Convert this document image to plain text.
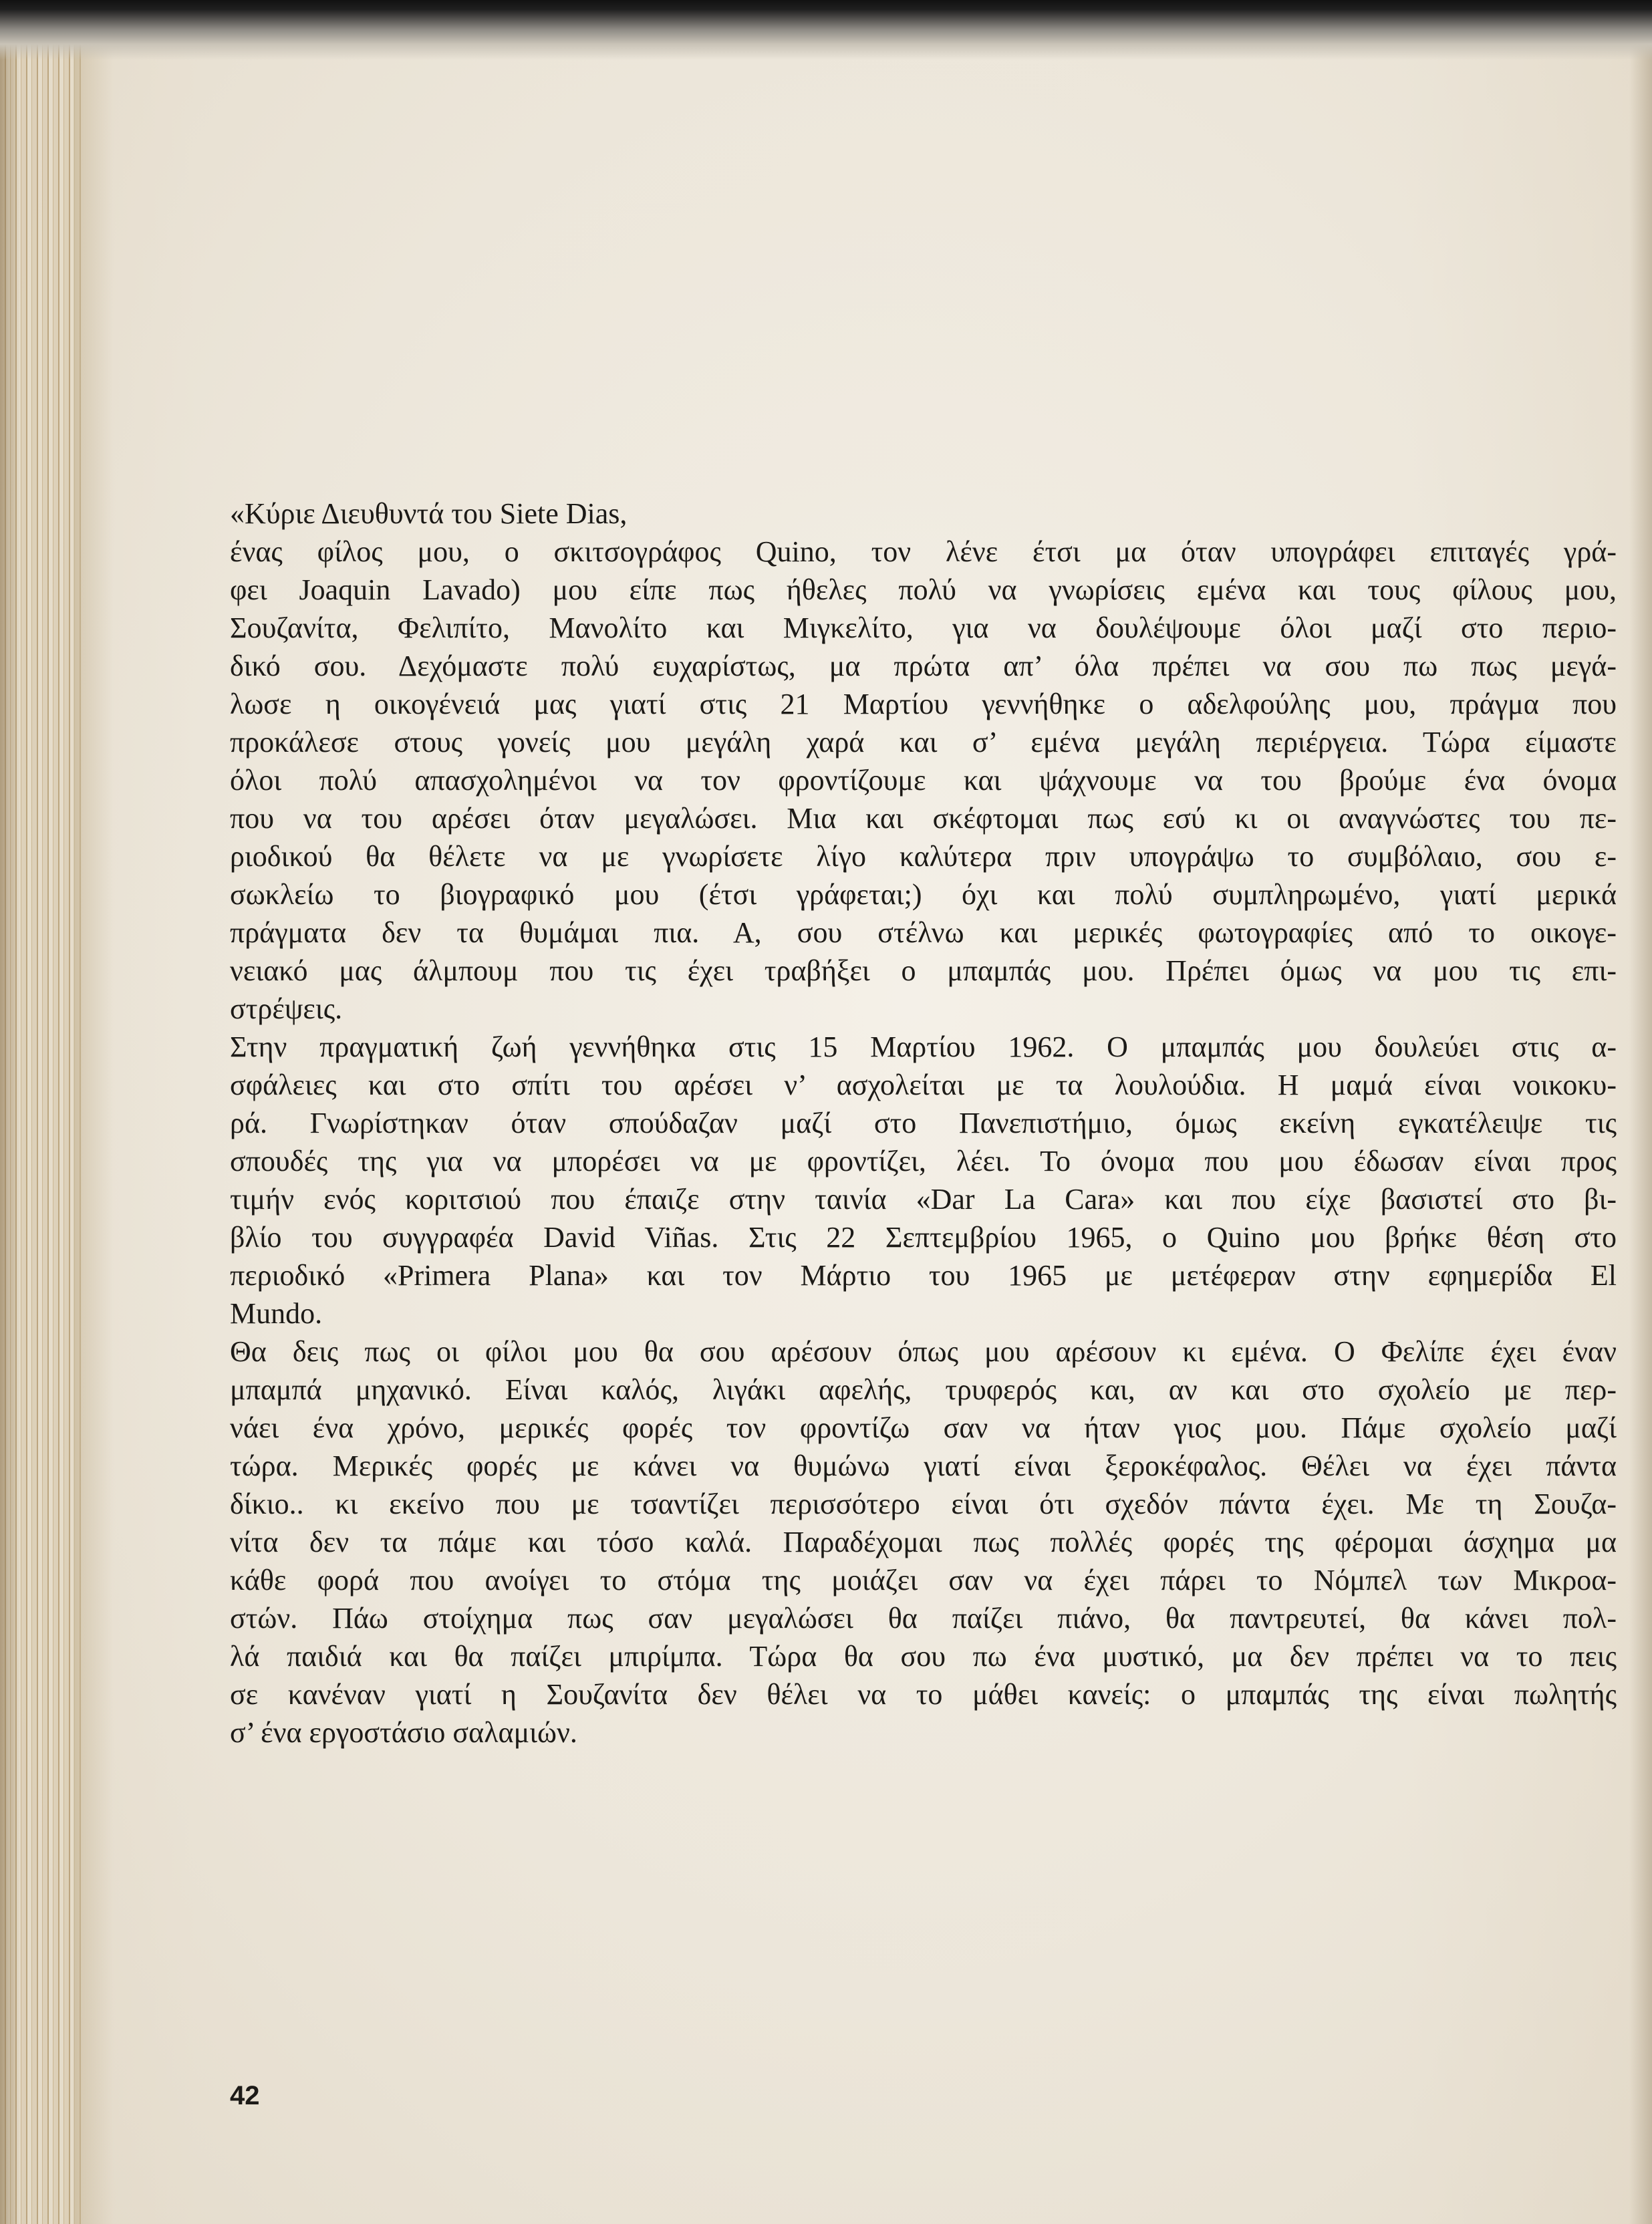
«Κύριε Διευθυντά του Siete Dias,
ένας φίλος μου, ο σκιτσογράφος Quino, τον λένε έτσι μα όταν υπογράφει επιταγές γρά-
φει Joaquin Lavado) μου είπε πως ήθελες πολύ να γνωρίσεις εμένα και τους φίλους μου,
Σουζανίτα, Φελιπίτο, Μανολίτο και Μιγκελίτο, για να δουλέψουμε όλοι μαζί στο περιο-
δικό σου. Δεχόμαστε πολύ ευχαρίστως, μα πρώτα απ’ όλα πρέπει να σου πω πως μεγά-
λωσε η οικογένειά μας γιατί στις 21 Μαρτίου γεννήθηκε ο αδελφούλης μου, πράγμα που
προκάλεσε στους γονείς μου μεγάλη χαρά και σ’ εμένα μεγάλη περιέργεια. Τώρα είμαστε
όλοι πολύ απασχολημένοι να τον φροντίζουμε και ψάχνουμε να του βρούμε ένα όνομα
που να του αρέσει όταν μεγαλώσει. Μια και σκέφτομαι πως εσύ κι οι αναγνώστες του πε-
ριοδικού θα θέλετε να με γνωρίσετε λίγο καλύτερα πριν υπογράψω το συμβόλαιο, σου ε-
σωκλείω το βιογραφικό μου (έτσι γράφεται;) όχι και πολύ συμπληρωμένο, γιατί μερικά
πράγματα δεν τα θυμάμαι πια. Α, σου στέλνω και μερικές φωτογραφίες από το οικογε-
νειακό μας άλμπουμ που τις έχει τραβήξει ο μπαμπάς μου. Πρέπει όμως να μου τις επι-
στρέψεις.
Στην πραγματική ζωή γεννήθηκα στις 15 Μαρτίου 1962. Ο μπαμπάς μου δουλεύει στις α-
σφάλειες και στο σπίτι του αρέσει ν’ ασχολείται με τα λουλούδια. Η μαμά είναι νοικοκυ-
ρά. Γνωρίστηκαν όταν σπούδαζαν μαζί στο Πανεπιστήμιο, όμως εκείνη εγκατέλειψε τις
σπουδές της για να μπορέσει να με φροντίζει, λέει. Το όνομα που μου έδωσαν είναι προς
τιμήν ενός κοριτσιού που έπαιζε στην ταινία «Dar La Cara» και που είχε βασιστεί στο βι-
βλίο του συγγραφέα David Viñas. Στις 22 Σεπτεμβρίου 1965, ο Quino μου βρήκε θέση στο
περιοδικό «Primera Plana» και τον Μάρτιο του 1965 με μετέφεραν στην εφημερίδα El
Mundo.
Θα δεις πως οι φίλοι μου θα σου αρέσουν όπως μου αρέσουν κι εμένα. Ο Φελίπε έχει έναν
μπαμπά μηχανικό. Είναι καλός, λιγάκι αφελής, τρυφερός και, αν και στο σχολείο με περ-
νάει ένα χρόνο, μερικές φορές τον φροντίζω σαν να ήταν γιος μου. Πάμε σχολείο μαζί
τώρα. Μερικές φορές με κάνει να θυμώνω γιατί είναι ξεροκέφαλος. Θέλει να έχει πάντα
δίκιο.. κι εκείνο που με τσαντίζει περισσότερο είναι ότι σχεδόν πάντα έχει. Με τη Σουζα-
νίτα δεν τα πάμε και τόσο καλά. Παραδέχομαι πως πολλές φορές της φέρομαι άσχημα μα
κάθε φορά που ανοίγει το στόμα της μοιάζει σαν να έχει πάρει το Νόμπελ των Μικροα-
στών. Πάω στοίχημα πως σαν μεγαλώσει θα παίζει πιάνο, θα παντρευτεί, θα κάνει πολ-
λά παιδιά και θα παίζει μπιρίμπα. Τώρα θα σου πω ένα μυστικό, μα δεν πρέπει να το πεις
σε κανέναν γιατί η Σουζανίτα δεν θέλει να το μάθει κανείς: ο μπαμπάς της είναι πωλητής
σ’ ένα εργοστάσιο σαλαμιών.
42
